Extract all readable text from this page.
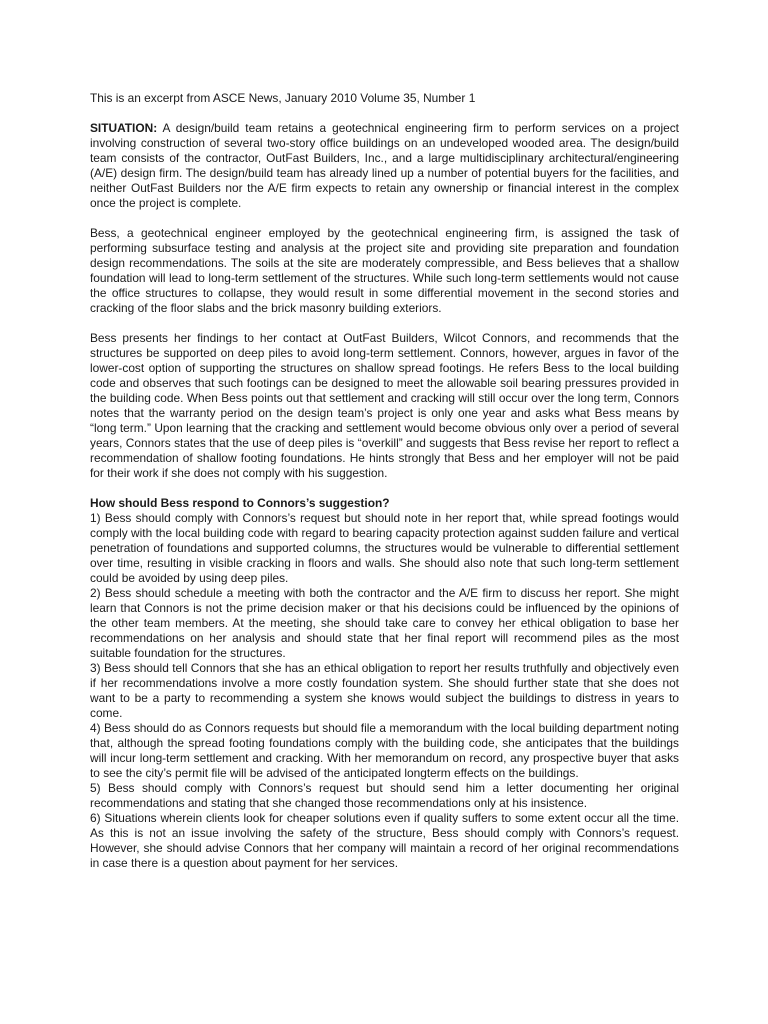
This is an excerpt from ASCE News, January 2010 Volume 35, Number 1

SITUATION: A design/build team retains a geotechnical engineering firm to perform services on a project involving construction of several two-story office buildings on an undeveloped wooded area. The design/build team consists of the contractor, OutFast Builders, Inc., and a large multidisciplinary architectural/engineering (A/E) design firm. The design/build team has already lined up a number of potential buyers for the facilities, and neither OutFast Builders nor the A/E firm expects to retain any ownership or financial interest in the complex once the project is complete.

Bess, a geotechnical engineer employed by the geotechnical engineering firm, is assigned the task of performing subsurface testing and analysis at the project site and providing site preparation and foundation design recommendations. The soils at the site are moderately compressible, and Bess believes that a shallow foundation will lead to long-term settlement of the structures. While such long-term settlements would not cause the office structures to collapse, they would result in some differential movement in the second stories and cracking of the floor slabs and the brick masonry building exteriors.

Bess presents her findings to her contact at OutFast Builders, Wilcot Connors, and recommends that the structures be supported on deep piles to avoid long-term settlement. Connors, however, argues in favor of the lower-cost option of supporting the structures on shallow spread footings. He refers Bess to the local building code and observes that such footings can be designed to meet the allowable soil bearing pressures provided in the building code. When Bess points out that settlement and cracking will still occur over the long term, Connors notes that the warranty period on the design team’s project is only one year and asks what Bess means by “long term.” Upon learning that the cracking and settlement would become obvious only over a period of several years, Connors states that the use of deep piles is “overkill” and suggests that Bess revise her report to reflect a recommendation of shallow footing foundations. He hints strongly that Bess and her employer will not be paid for their work if she does not comply with his suggestion.

How should Bess respond to Connors’s suggestion?

1) Bess should comply with Connors’s request but should note in her report that, while spread footings would comply with the local building code with regard to bearing capacity protection against sudden failure and vertical penetration of foundations and supported columns, the structures would be vulnerable to differential settlement over time, resulting in visible cracking in floors and walls. She should also note that such long-term settlement could be avoided by using deep piles.

2) Bess should schedule a meeting with both the contractor and the A/E firm to discuss her report. She might learn that Connors is not the prime decision maker or that his decisions could be influenced by the opinions of the other team members. At the meeting, she should take care to convey her ethical obligation to base her recommendations on her analysis and should state that her final report will recommend piles as the most suitable foundation for the structures.

3) Bess should tell Connors that she has an ethical obligation to report her results truthfully and objectively even if her recommendations involve a more costly foundation system. She should further state that she does not want to be a party to recommending a system she knows would subject the buildings to distress in years to come.

4) Bess should do as Connors requests but should file a memorandum with the local building department noting that, although the spread footing foundations comply with the building code, she anticipates that the buildings will incur long-term settlement and cracking. With her memorandum on record, any prospective buyer that asks to see the city’s permit file will be advised of the anticipated longterm effects on the buildings.

5) Bess should comply with Connors’s request but should send him a letter documenting her original recommendations and stating that she changed those recommendations only at his insistence.

6) Situations wherein clients look for cheaper solutions even if quality suffers to some extent occur all the time. As this is not an issue involving the safety of the structure, Bess should comply with Connors’s request. However, she should advise Connors that her company will maintain a record of her original recommendations in case there is a question about payment for her services.
